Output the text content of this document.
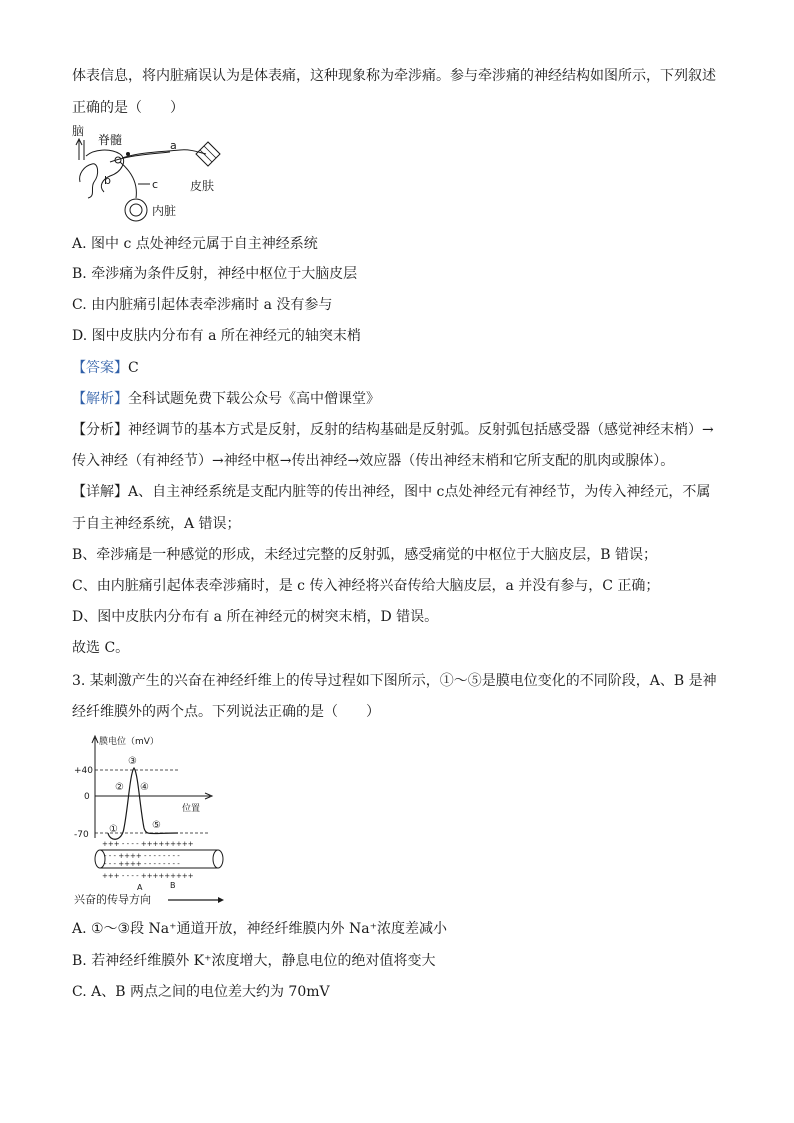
体表信息，将内脏痛误认为是体表痛，这种现象称为牵涉痛。参与牵涉痛的神经结构如图所示，下列叙述
正确的是（　　）
脑
脊髓	a
b	c	皮肤
内脏
A. 图中 c 点处神经元属于自主神经系统
B. 牵涉痛为条件反射，神经中枢位于大脑皮层
C. 由内脏痛引起体表牵涉痛时 a 没有参与
D. 图中皮肤内分布有 a 所在神经元的轴突末梢
【答案】C
【解析】全科试题免费下载公众号《高中僧课堂》
【分析】神经调节的基本方式是反射，反射的结构基础是反射弧。反射弧包括感受器（感觉神经末梢）→
传入神经（有神经节）→神经中枢→传出神经→效应器（传出神经末梢和它所支配的肌肉或腺体）。
【详解】A、自主神经系统是支配内脏等的传出神经，图中 c点处神经元有神经节，为传入神经元，不属
于自主神经系统，A 错误；
B、牵涉痛是一种感觉的形成，未经过完整的反射弧，感受痛觉的中枢位于大脑皮层，B 错误；
C、由内脏痛引起体表牵涉痛时，是 c 传入神经将兴奋传给大脑皮层，a 并没有参与，C 正确；
D、图中皮肤内分布有 a 所在神经元的树突末梢，D 错误。
故选 C。
3. 某刺激产生的兴奋在神经纤维上的传导过程如下图所示，①～⑤是膜电位变化的不同阶段，A、B 是神
经纤维膜外的两个点。下列说法正确的是（　　）
膜电位（mV）
+40
0
位置
-70 ①
②
③
④
⑤
+++ - - - - +++++++++
- - - ++++ - - - - - - - -
- - - ++++ - - - - - - - -
+++ - - - - +++++++++
A	B
兴奋的传导方向
A. ①～③段 Na⁺通道开放，神经纤维膜内外 Na⁺浓度差减小
B. 若神经纤维膜外 K⁺浓度增大，静息电位的绝对值将变大
C. A、B 两点之间的电位差大约为 70mV
